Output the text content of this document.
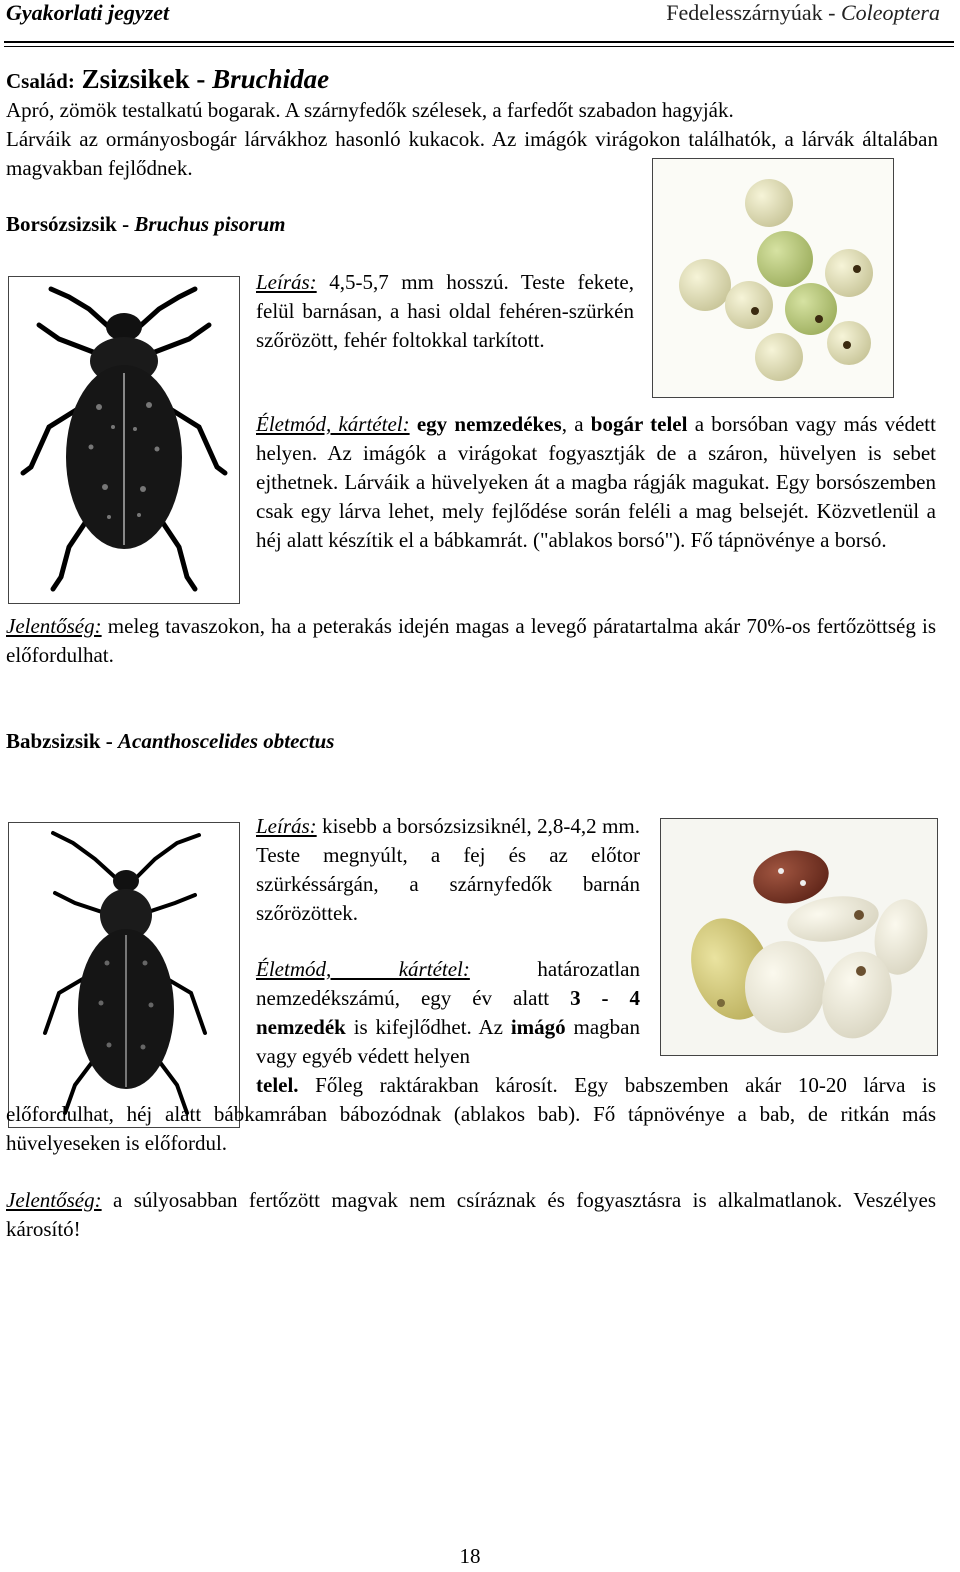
Gyakorlati jegyzet	Fedelesszárnyúak - Coleoptera
Család: Zsizsikek - Bruchidae
Apró, zömök testalkatú bogarak. A szárnyfedők szélesek, a farfedőt szabadon hagyják.
Lárváik az ormányosbogár lárvákhoz hasonló kukacok. Az imágók virágokon találhatók, a lárvák általában magvakban fejlődnek.
Borsózsizsik - Bruchus pisorum
Leírás: 4,5-5,7 mm hosszú. Teste fekete, felül barnásan, a hasi oldal fehéren-szürkén szőrözött, fehér foltokkal tarkított.
Életmód, kártétel: egy nemzedékes, a bogár telel a borsóban vagy más védett helyen. Az imágók a virágokat fogyasztják de a száron, hüvelyen is sebet ejthetnek. Lárváik a hüvelyeken át a magba rágják magukat. Egy borsószemben csak egy lárva lehet, mely fejlődése során feléli a mag belsejét. Közvetlenül a héj alatt készítik el a bábkamrát. ("ablakos borsó"). Fő tápnövénye a borsó.
Jelentőség: meleg tavaszokon, ha a peterakás idején magas a levegő páratartalma akár 70%-os fertőzöttség is előfordulhat.
Babzsizsik - Acanthoscelides obtectus
Leírás: kisebb a borsózsizsiknél, 2,8-4,2 mm. Teste megnyúlt, a fej és az előtor szürkéssárgán, a szárnyfedők barnán szőrözöttek.
Életmód, kártétel: határozatlan nemzedékszámú, egy év alatt 3 - 4 nemzedék is kifejlődhet. Az imágó magban vagy egyéb védett helyen
telel. Főleg raktárakban károsít. Egy babszemben akár 10-20 lárva is előfordulhat, héj alatt bábkamrában bábozódnak (ablakos bab). Fő tápnövénye a bab, de ritkán más hüvelyeseken is előfordul.
Jelentőség: a súlyosabban fertőzött magvak nem csíráznak és fogyasztásra is alkalmatlanok. Veszélyes károsító!
18
